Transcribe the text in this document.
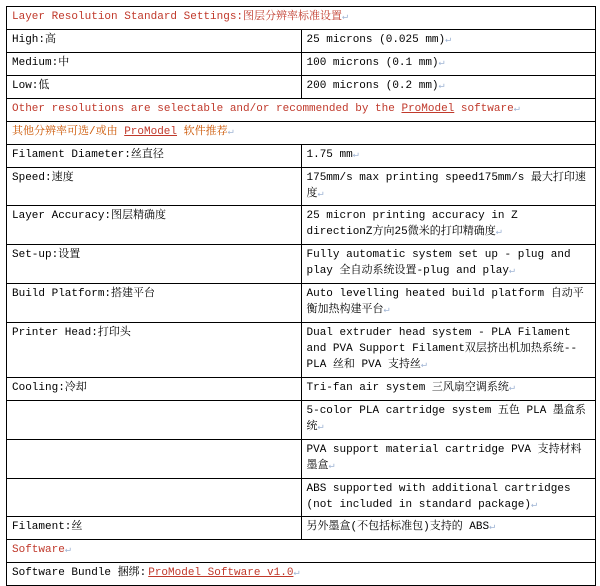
Layer Resolution Standard Settings:图层分辨率标准设置↵	
High:高	25 microns (0.025 mm)↵
Medium:中	100 microns (0.1 mm)↵
Low:低	200 microns (0.2 mm)↵
Other resolutions are selectable and/or recommended by the ProModel software↵	
其他分辨率可选/或由 ProModel 软件推荐↵	
Filament Diameter:丝直径	1.75 mm↵
Speed:速度	175mm/s max printing speed175mm/s 最大打印速度↵
Layer Accuracy:图层精确度	25 micron printing accuracy in Z directionZ方向25微米的打印精确度↵
Set-up:设置	Fully automatic system set up - plug and play 全自动系统设置-plug and play↵
Build Platform:搭建平台	Auto levelling heated build platform 自动平衡加热构建平台↵
Printer Head:打印头	Dual extruder head system - PLA Filament and PVA Support Filament双层挤出机加热系统--PLA 丝和 PVA 支持丝↵
Cooling:冷却	Tri-fan air system 三风扇空调系统↵
	5-color PLA cartridge system 五色 PLA 墨盒系统↵
	PVA support material cartridge PVA 支持材料墨盒↵
	ABS supported with additional cartridges (not included in standard package)↵
Filament:丝	另外墨盒(不包括标准包)支持的 ABS↵
Software↵	

Software Bundle 捆绑: ProModel Software v1.0 ↵	
